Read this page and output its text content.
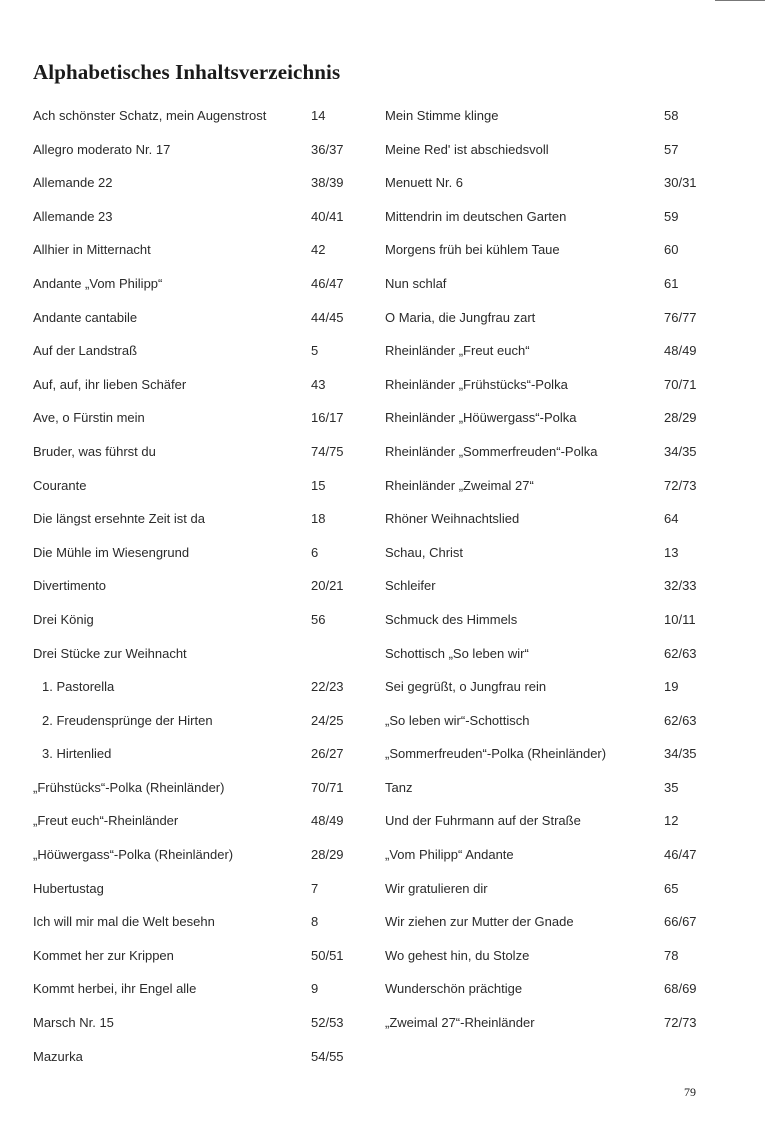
Alphabetisches Inhaltsverzeichnis
Ach schönster Schatz, mein Augenstrost	14
Allegro moderato Nr. 17	36/37
Allemande 22	38/39
Allemande 23	40/41
Allhier in Mitternacht	42
Andante „Vom Philipp“	46/47
Andante cantabile	44/45
Auf der Landstraß	5
Auf, auf, ihr lieben Schäfer	43
Ave, o Fürstin mein	16/17
Bruder, was führst du	74/75
Courante	15
Die längst ersehnte Zeit ist da	18
Die Mühle im Wiesengrund	6
Divertimento	20/21
Drei König	56
Drei Stücke zur Weihnacht
1. Pastorella	22/23
2. Freudensprünge der Hirten	24/25
3. Hirtenlied	26/27
„Frühstücks“-Polka (Rheinländer)	70/71
„Freut euch“-Rheinländer	48/49
„Höüwergass“-Polka (Rheinländer)	28/29
Hubertustag	7
Ich will mir mal die Welt besehn	8
Kommet her zur Krippen	50/51
Kommt herbei, ihr Engel alle	9
Marsch Nr. 15	52/53
Mazurka	54/55
Mein Stimme klinge	58
Meine Red' ist abschiedsvoll	57
Menuett Nr. 6	30/31
Mittendrin im deutschen Garten	59
Morgens früh bei kühlem Taue	60
Nun schlaf	61
O Maria, die Jungfrau zart	76/77
Rheinländer „Freut euch“	48/49
Rheinländer „Frühstücks“-Polka	70/71
Rheinländer „Höüwergass“-Polka	28/29
Rheinländer „Sommerfreuden“-Polka	34/35
Rheinländer „Zweimal 27“	72/73
Rhöner Weihnachtslied	64
Schau, Christ	13
Schleifer	32/33
Schmuck des Himmels	10/11
Schottisch „So leben wir“	62/63
Sei gegrüßt, o Jungfrau rein	19
„So leben wir“-Schottisch	62/63
„Sommerfreuden“-Polka (Rheinländer)	34/35
Tanz	35
Und der Fuhrmann auf der Straße	12
„Vom Philipp“ Andante	46/47
Wir gratulieren dir	65
Wir ziehen zur Mutter der Gnade	66/67
Wo gehest hin, du Stolze	78
Wunderschön prächtige	68/69
„Zweimal 27“-Rheinländer	72/73
79
